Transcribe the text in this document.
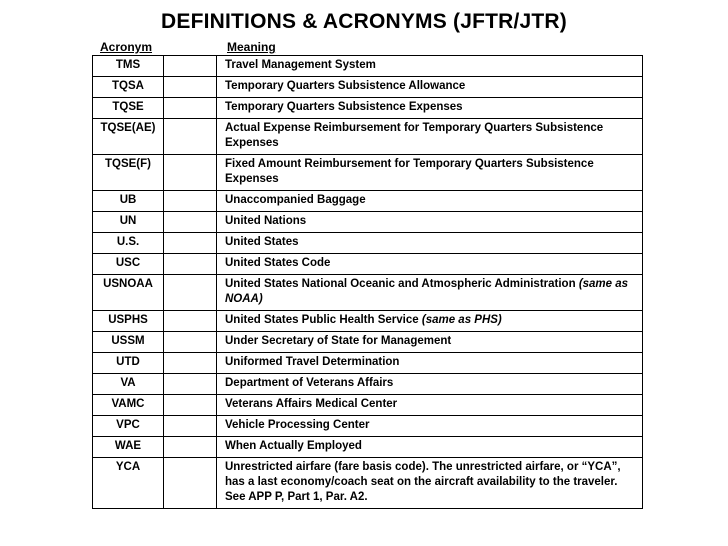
DEFINITIONS & ACRONYMS (JFTR/JTR)
Acronym	Meaning
TMS		Travel Management System
TQSA		Temporary Quarters Subsistence Allowance
TQSE		Temporary Quarters Subsistence Expenses
TQSE(AE)		Actual Expense Reimbursement for Temporary Quarters Subsistence Expenses
TQSE(F)		Fixed Amount Reimbursement for Temporary Quarters Subsistence Expenses
UB		Unaccompanied Baggage
UN		United Nations
U.S.		United States
USC		United States Code
USNOAA		United States National Oceanic and Atmospheric Administration (same as NOAA)
USPHS		United States Public Health Service (same as PHS)
USSM		Under Secretary of State for Management
UTD		Uniformed Travel Determination
VA		Department of Veterans Affairs
VAMC		Veterans Affairs Medical Center
VPC		Vehicle Processing Center
WAE		When Actually Employed
YCA		Unrestricted airfare (fare basis code). The unrestricted airfare, or “YCA”, has a last economy/coach seat on the aircraft availability to the traveler. See APP P, Part 1, Par. A2.
